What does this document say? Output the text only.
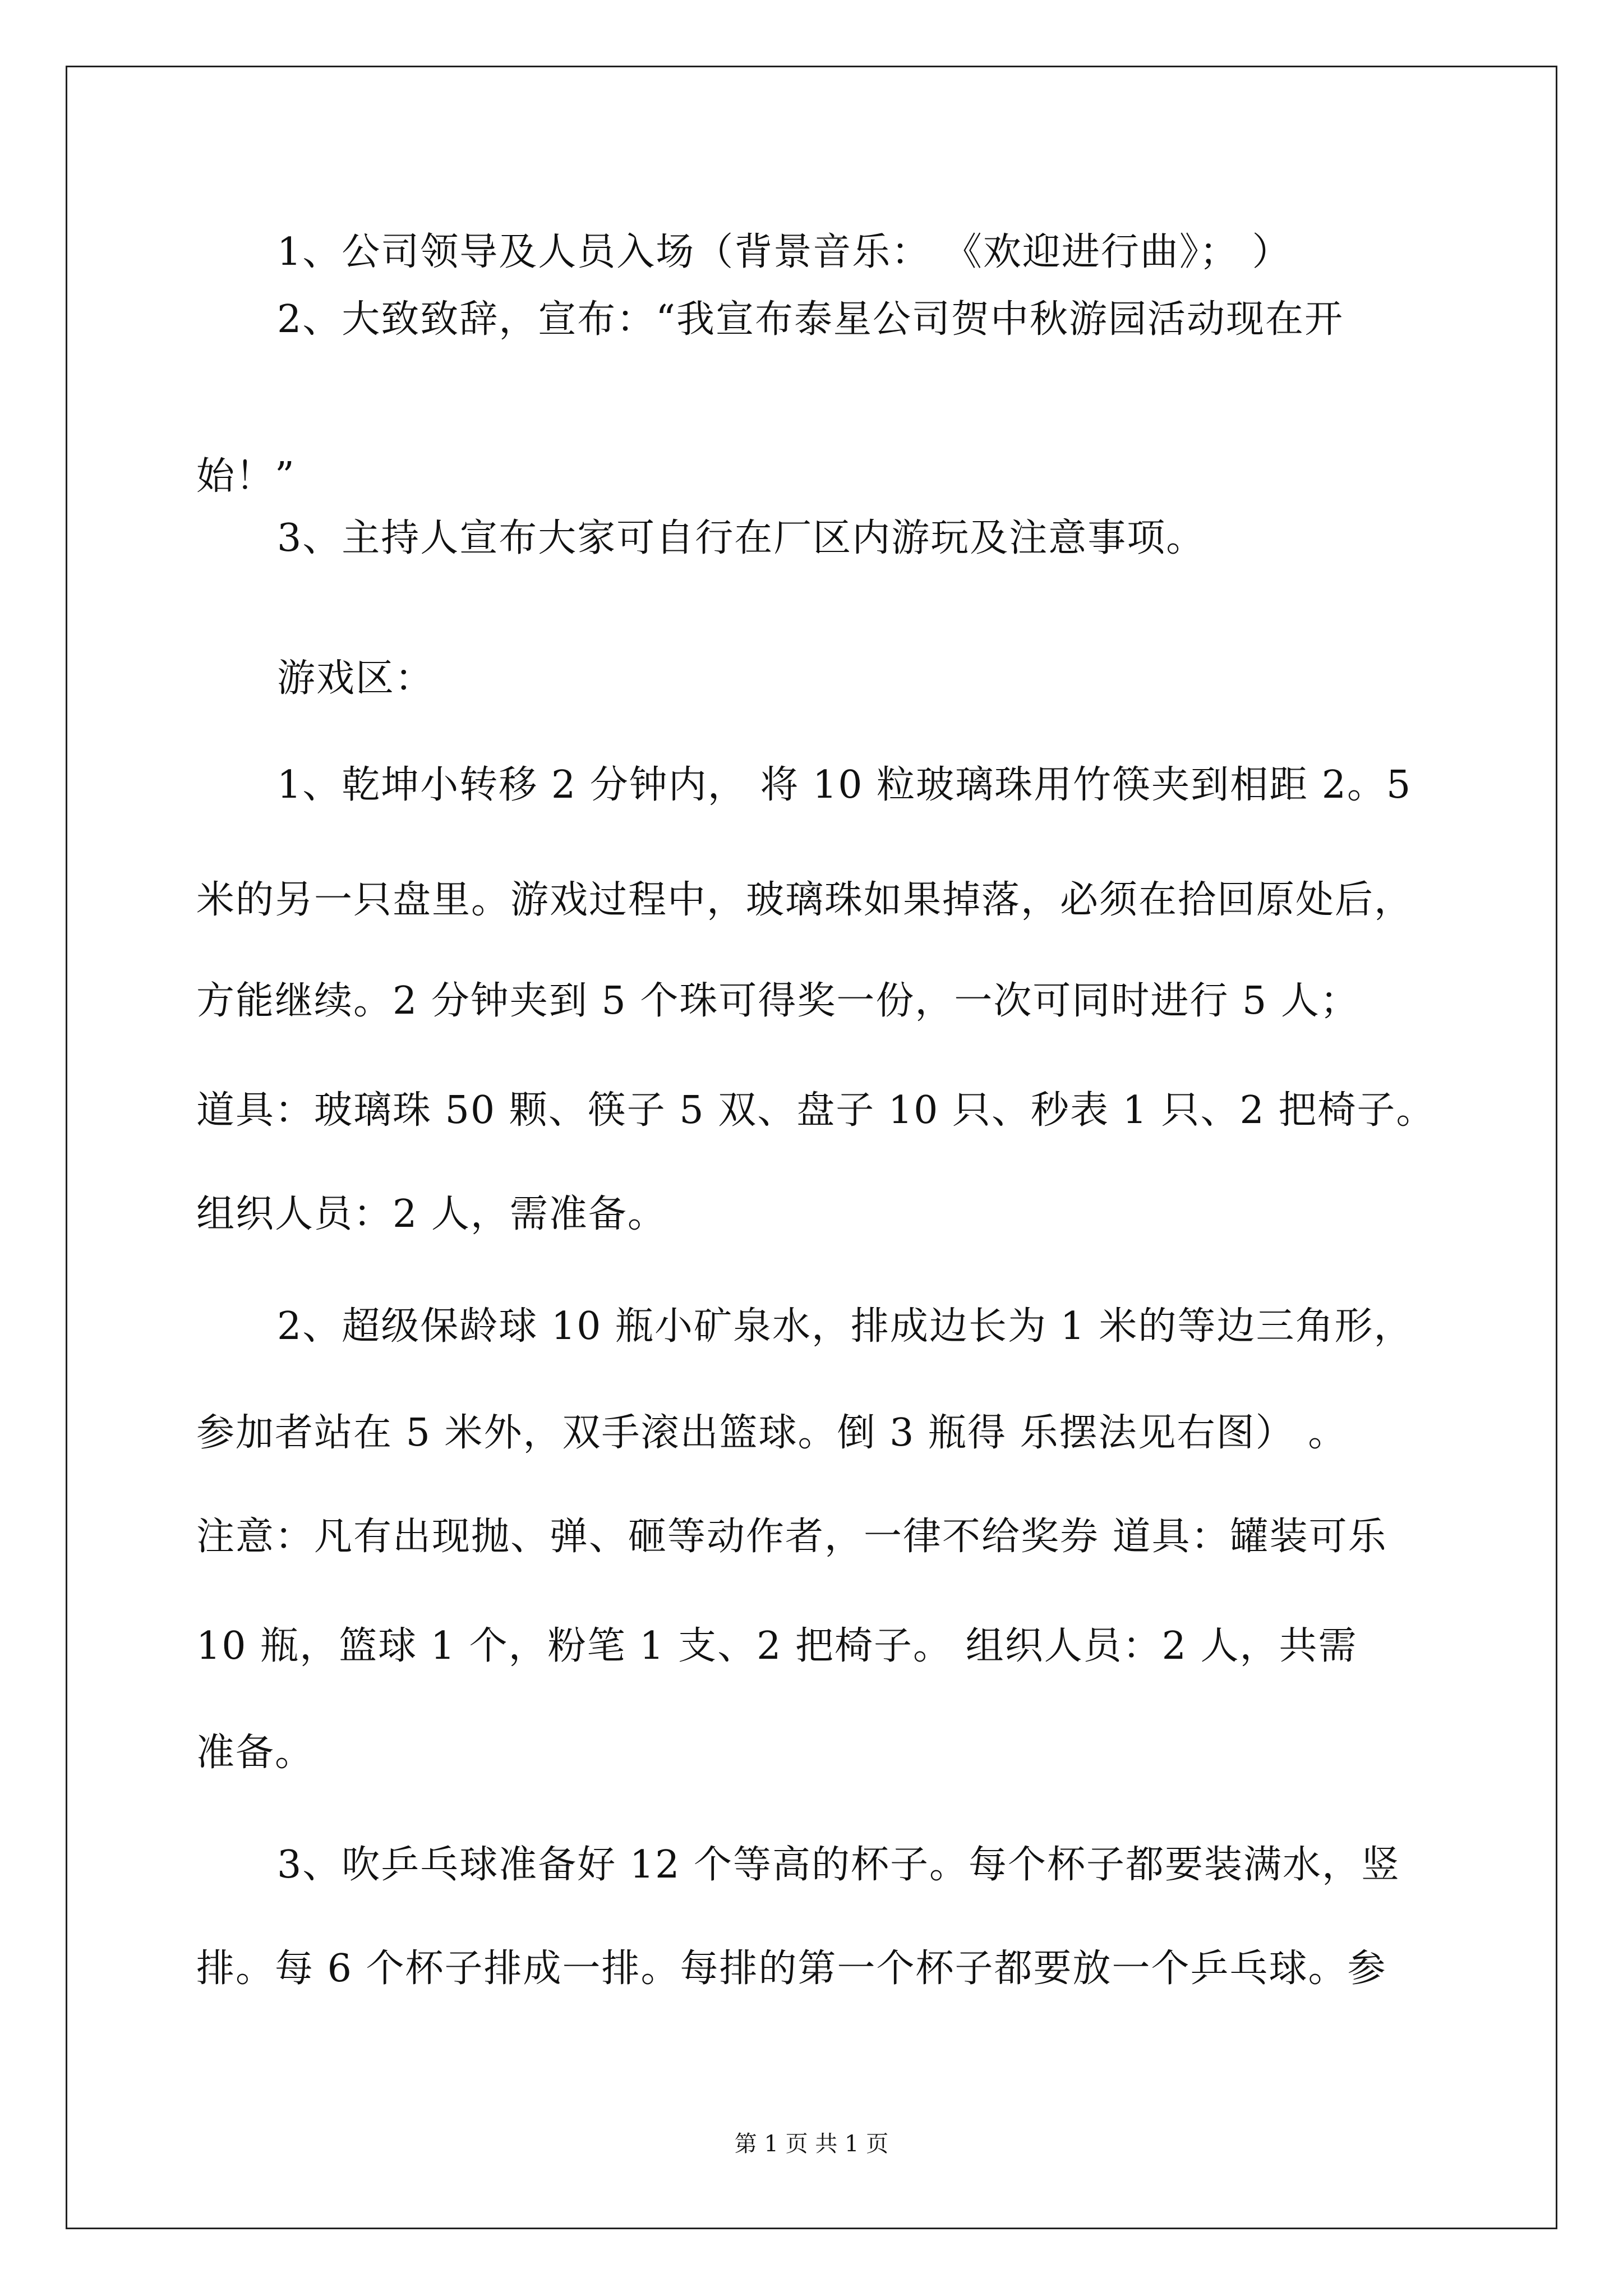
1、公司领导及人员入场（背景音乐： 《欢迎进行曲》； ）
2、大致致辞，宣布：“我宣布泰星公司贺中秋游园活动现在开
始！”
3、主持人宣布大家可自行在厂区内游玩及注意事项。
游戏区：
1、乾坤小转移 2 分钟内， 将 10 粒玻璃珠用竹筷夹到相距 2。5
米的另一只盘里。游戏过程中，玻璃珠如果掉落，必须在拾回原处后，
方能继续。2 分钟夹到 5 个珠可得奖一份，一次可同时进行 5 人；
道具：玻璃珠 50 颗、筷子 5 双、盘子 10 只、秒表 1 只、2 把椅子。
组织人员：2 人，需准备。
2、超级保龄球 10 瓶小矿泉水，排成边长为 1 米的等边三角形，
参加者站在 5 米外，双手滚出篮球。倒 3 瓶得 乐摆法见右图） 。
注意：凡有出现抛、弹、砸等动作者，一律不给奖券 道具：罐装可乐
10 瓶，篮球 1 个，粉笔 1 支、2 把椅子。 组织人员：2 人，共需
准备。
3、吹乒乓球准备好 12 个等高的杯子。每个杯子都要装满水，竖
排。每 6 个杯子排成一排。每排的第一个杯子都要放一个乒乓球。参
第 1 页 共 1 页
